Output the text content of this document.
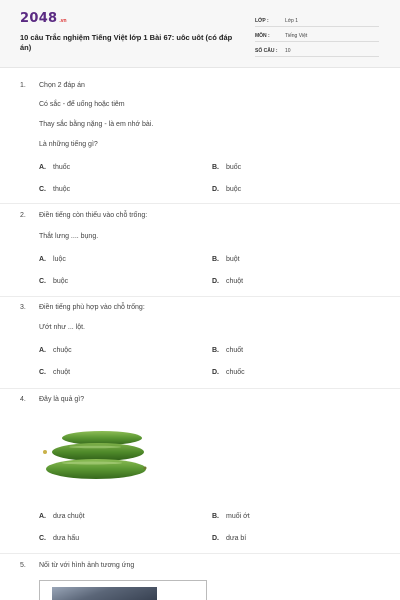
2048 .vn
10 câu Trắc nghiệm Tiếng Việt lớp 1 Bài 67: uôc uôt (có đáp án)
LỚP :	Lớp 1
MÔN :	Tiếng Việt
SỐ CÂU : 10
1. Chọn 2 đáp án
Có sắc - để uống hoặc tiêm
Thay sắc bằng nặng - là em nhớ bài.
Là những tiếng gì?
A. thuốc	B. buốc
C. thuộc	D. buộc
2. Điền tiếng còn thiếu vào chỗ trống:
Thắt lưng .... bụng.
A. luộc	B. buột
C. buộc	D. chuột
3. Điền tiếng phù hợp vào chỗ trống:
Ướt như ... lột.
A. chuộc	B. chuốt
C. chuột	D. chuốc
4. Đây là quả gì?
A. dưa chuột	B. muối ớt
C. dưa hấu	D. dưa bí
5. Nối từ với hình ảnh tương ứng
